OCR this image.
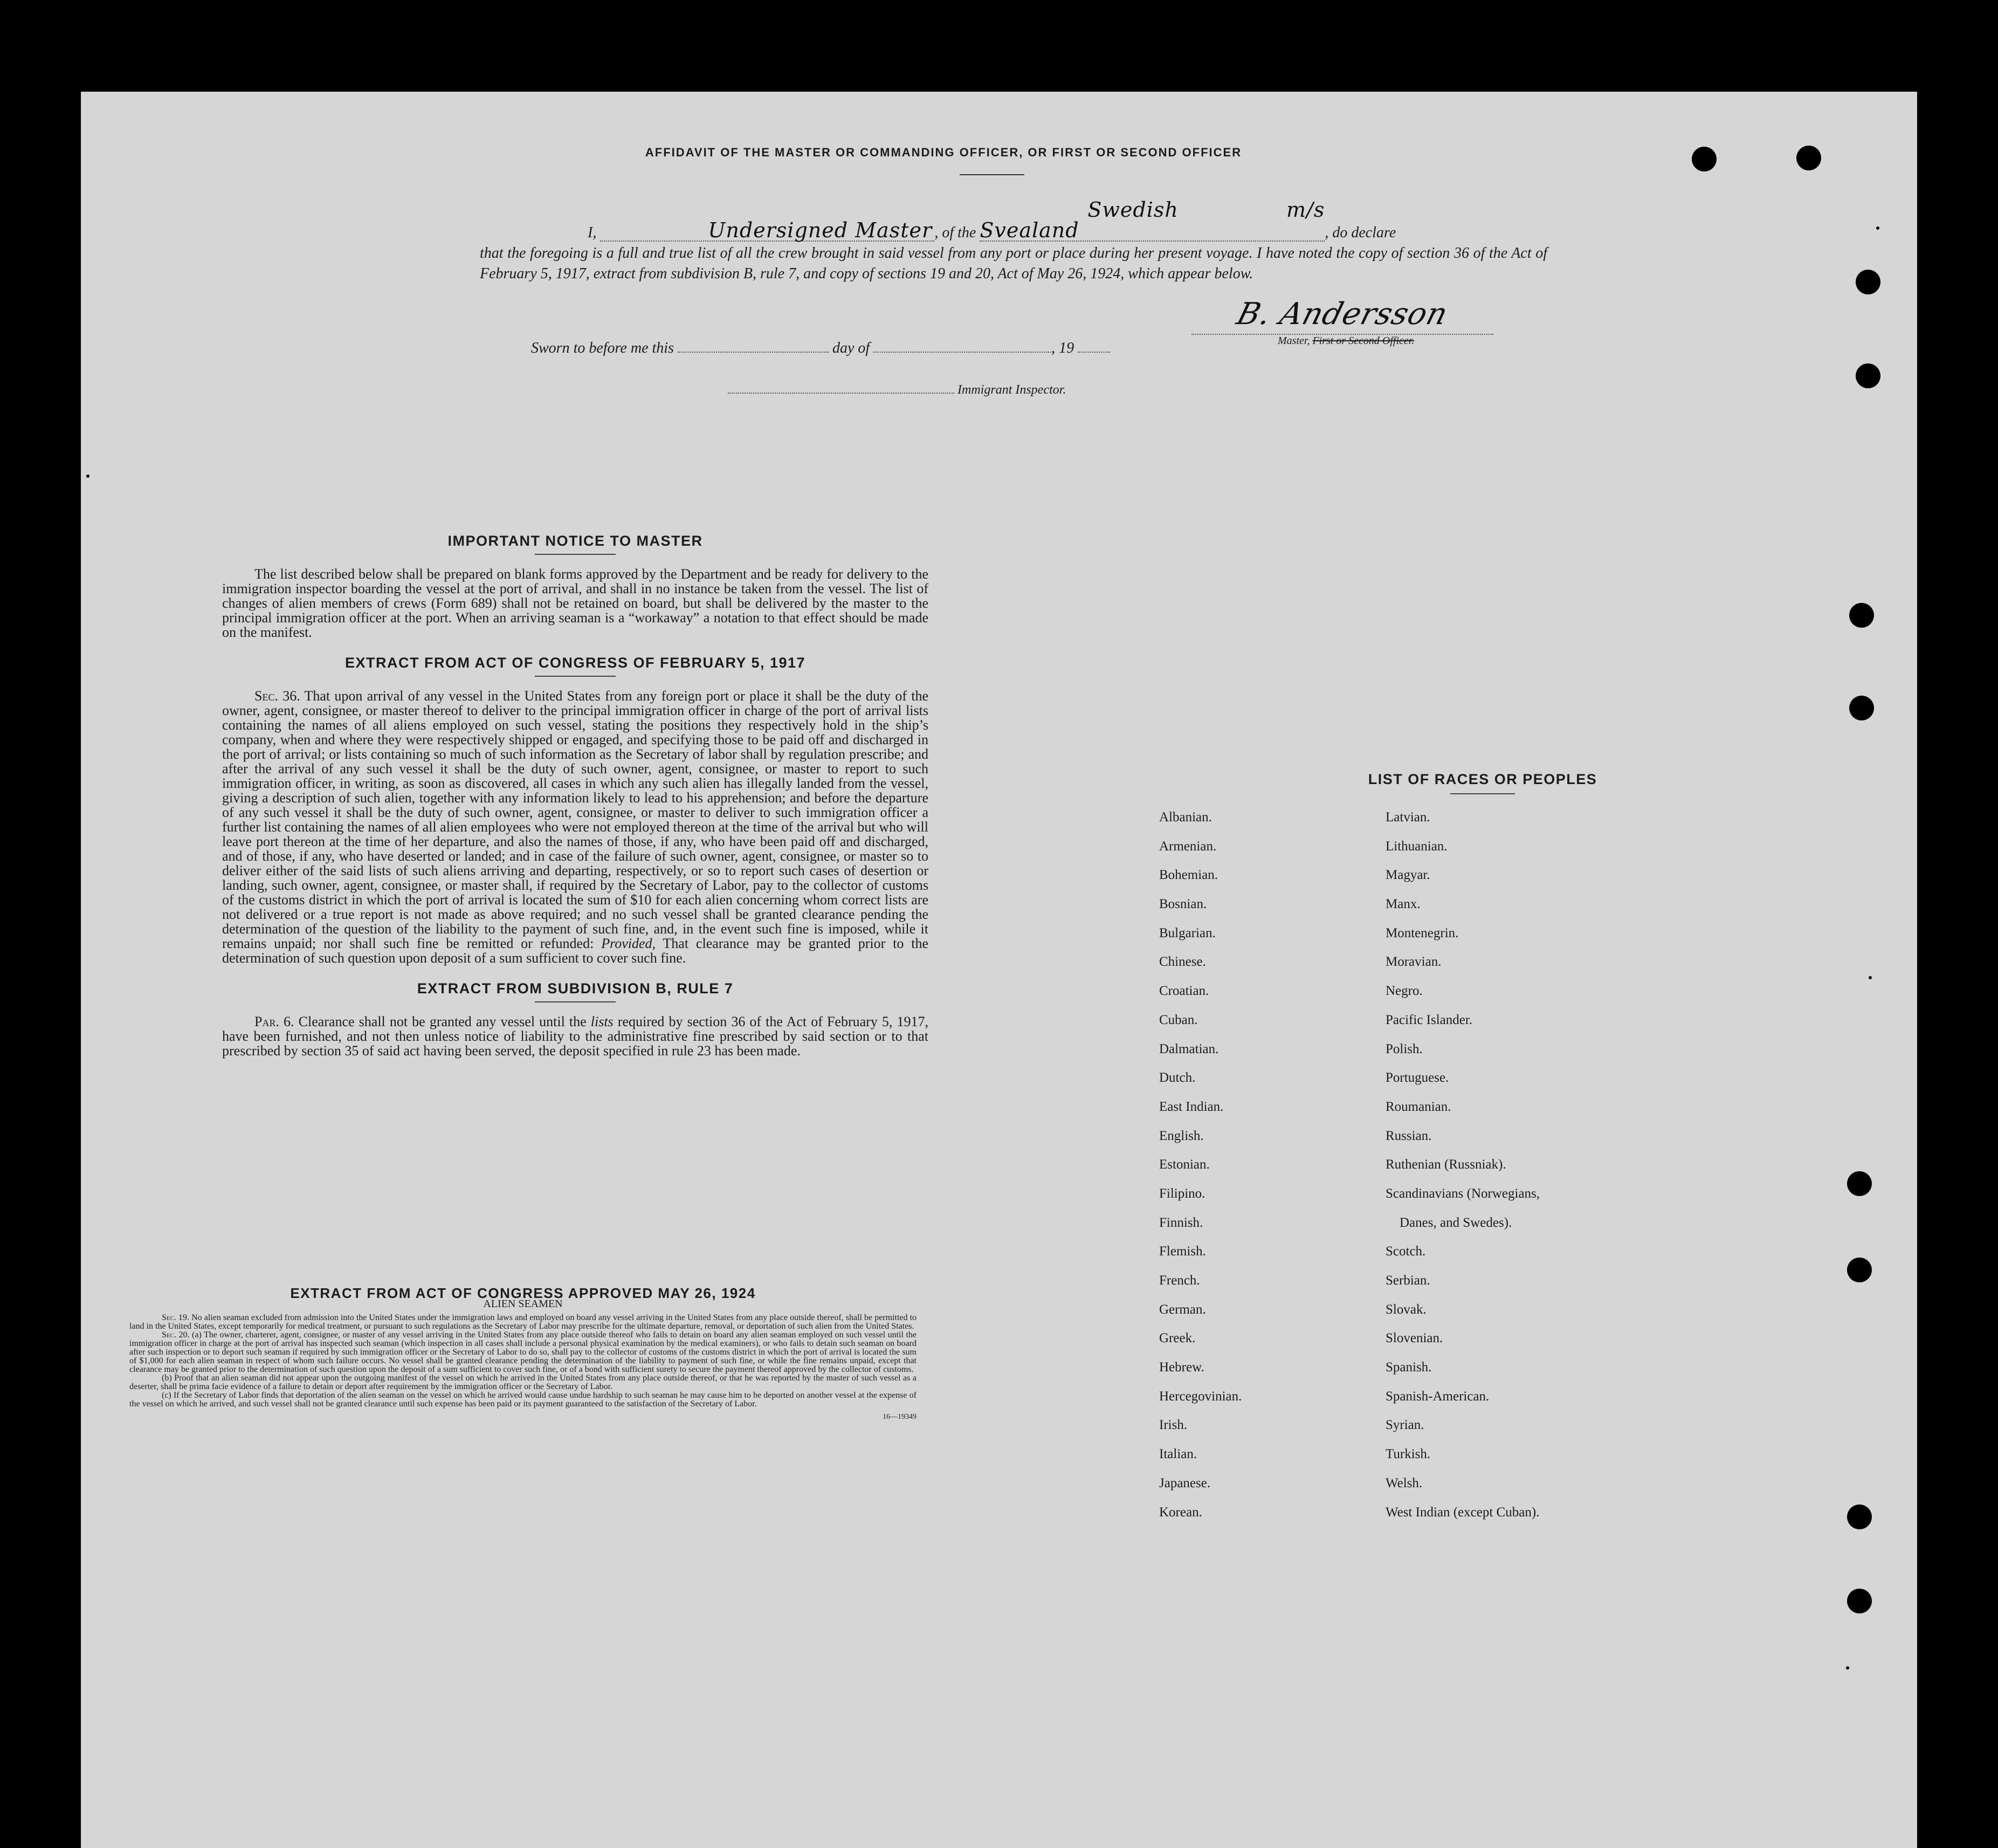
AFFIDAVIT OF THE MASTER OR COMMANDING OFFICER, OR FIRST OR SECOND OFFICER

I,	Undersigned Master , of the Swedish m/s Svealand	, do declare

that the foregoing is a full and true list of all the crew brought in said vessel from any port or place during her present voyage. I have noted the copy of section 36 of the Act of February 5, 1917, extract from subdivision B, rule 7, and copy of sections 19 and 20, Act of May 26, 1924, which appear below.

B. Andersson
Master, First or Second Officer.
Sworn to before me this	day of	, 19
Immigrant Inspector.
IMPORTANT NOTICE TO MASTER

The list described below shall be prepared on blank forms approved by the Department and be ready for delivery to the immigration inspector boarding the vessel at the port of arrival, and shall in no instance be taken from the vessel. The list of changes of alien members of crews (Form 689) shall not be retained on board, but shall be delivered by the master to the principal immigration officer at the port. When an arriving seaman is a “workaway” a notation to that effect should be made on the manifest.

EXTRACT FROM ACT OF CONGRESS OF FEBRUARY 5, 1917

Sec. 36. That upon arrival of any vessel in the United States from any foreign port or place it shall be the duty of the owner, agent, consignee, or master thereof to deliver to the principal immigration officer in charge of the port of arrival lists containing the names of all aliens employed on such vessel, stating the positions they respectively hold in the ship’s company, when and where they were respectively shipped or engaged, and specifying those to be paid off and discharged in the port of arrival; or lists containing so much of such information as the Secretary of labor shall by regulation prescribe; and after the arrival of any such vessel it shall be the duty of such owner, agent, consignee, or master to report to such immigration officer, in writing, as soon as discovered, all cases in which any such alien has illegally landed from the vessel, giving a description of such alien, together with any information likely to lead to his apprehension; and before the departure of any such vessel it shall be the duty of such owner, agent, consignee, or master to deliver to such immigration officer a further list containing the names of all alien employees who were not employed thereon at the time of the arrival but who will leave port thereon at the time of her departure, and also the names of those, if any, who have been paid off and discharged, and of those, if any, who have deserted or landed; and in case of the failure of such owner, agent, consignee, or master so to deliver either of the said lists of such aliens arriving and departing, respectively, or so to report such cases of desertion or landing, such owner, agent, consignee, or master shall, if required by the Secretary of Labor, pay to the collector of customs of the customs district in which the port of arrival is located the sum of $10 for each alien concerning whom correct lists are not delivered or a true report is not made as above required; and no such vessel shall be granted clearance pending the determination of the question of the liability to the payment of such fine, and, in the event such fine is imposed, while it remains unpaid; nor shall such fine be remitted or refunded: Provided, That clearance may be granted prior to the determination of such question upon deposit of a sum sufficient to cover such fine.

EXTRACT FROM SUBDIVISION B, RULE 7

Par. 6. Clearance shall not be granted any vessel until the lists required by section 36 of the Act of February 5, 1917, have been furnished, and not then unless notice of liability to the administrative fine prescribed by said section or to that prescribed by section 35 of said act having been served, the deposit specified in rule 23 has been made.

EXTRACT FROM ACT OF CONGRESS APPROVED MAY 26, 1924
ALIEN SEAMEN

Sec. 19. No alien seaman excluded from admission into the United States under the immigration laws and employed on board any vessel arriving in the United States from any place outside thereof, shall be permitted to land in the United States, except temporarily for medical treatment, or pursuant to such regulations as the Secretary of Labor may prescribe for the ultimate departure, removal, or deportation of such alien from the United States.

Sec. 20. (a) The owner, charterer, agent, consignee, or master of any vessel arriving in the United States from any place outside thereof who fails to detain on board any alien seaman employed on such vessel until the immigration officer in charge at the port of arrival has inspected such seaman (which inspection in all cases shall include a personal physical examination by the medical examiners), or who fails to detain such seaman on board after such inspection or to deport such seaman if required by such immigration officer or the Secretary of Labor to do so, shall pay to the collector of customs of the customs district in which the port of arrival is located the sum of $1,000 for each alien seaman in respect of whom such failure occurs. No vessel shall be granted clearance pending the determination of the liability to payment of such fine, or while the fine remains unpaid, except that clearance may be granted prior to the determination of such question upon the deposit of a sum sufficient to cover such fine, or of a bond with sufficient surety to secure the payment thereof approved by the collector of customs.

(b) Proof that an alien seaman did not appear upon the outgoing manifest of the vessel on which he arrived in the United States from any place outside thereof, or that he was reported by the master of such vessel as a deserter, shall be prima facie evidence of a failure to detain or deport after requirement by the immigration officer or the Secretary of Labor.

(c) If the Secretary of Labor finds that deportation of the alien seaman on the vessel on which he arrived would cause undue hardship to such seaman he may cause him to be deported on another vessel at the expense of the vessel on which he arrived, and such vessel shall not be granted clearance until such expense has been paid or its payment guaranteed to the satisfaction of the Secretary of Labor.

16—19349
LIST OF RACES OR PEOPLES
Albanian.	Latvian.
Armenian.	Lithuanian.
Bohemian.	Magyar.
Bosnian.	Manx.
Bulgarian.	Montenegrin.
Chinese.	Moravian.
Croatian.	Negro.
Cuban.	Pacific Islander.
Dalmatian.	Polish.
Dutch.	Portuguese.
East Indian.	Roumanian.
English.	Russian.
Estonian.	Ruthenian (Russniak).
Filipino.	Scandinavians (Norwegians,
Finnish.	Danes, and Swedes).
Flemish.	Scotch.
French.	Serbian.
German.	Slovak.
Greek.	Slovenian.
Hebrew.	Spanish.
Hercegovinian.	Spanish-American.
Irish.	Syrian.
Italian.	Turkish.
Japanese.	Welsh.
Korean.	West Indian (except Cuban).
